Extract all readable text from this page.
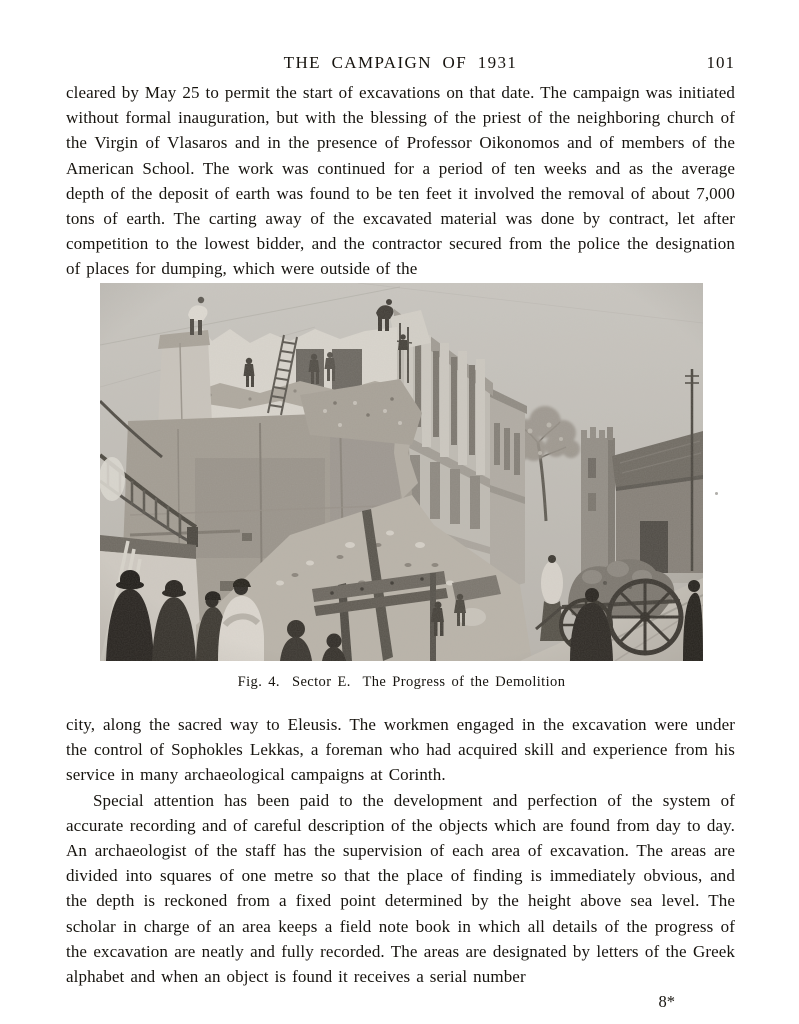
THE CAMPAIGN OF 1931	101

cleared by May 25 to permit the start of excavations on that date. The campaign was initiated without formal inauguration, but with the blessing of the priest of the neighboring church of the Virgin of Vlasaros and in the presence of Professor Oikonomos and of members of the American School. The work was continued for a period of ten weeks and as the average depth of the deposit of earth was found to be ten feet it involved the removal of about 7,000 tons of earth. The carting away of the excavated material was done by contract, let after competition to the lowest bidder, and the contractor secured from the police the designation of places for dumping, which were outside of the

Fig. 4.  Sector E.  The Progress of the Demolition

city, along the sacred way to Eleusis. The workmen engaged in the excavation were under the control of Sophokles Lekkas, a foreman who had acquired skill and experience from his service in many archaeological campaigns at Corinth.

Special attention has been paid to the development and perfection of the system of accurate recording and of careful description of the objects which are found from day to day. An archaeologist of the staff has the supervision of each area of excavation. The areas are divided into squares of one metre so that the place of finding is immediately obvious, and the depth is reckoned from a fixed point determined by the height above sea level. The scholar in charge of an area keeps a field note book in which all details of the progress of the excavation are neatly and fully recorded. The areas are designated by letters of the Greek alphabet and when an object is found it receives a serial number

8*
